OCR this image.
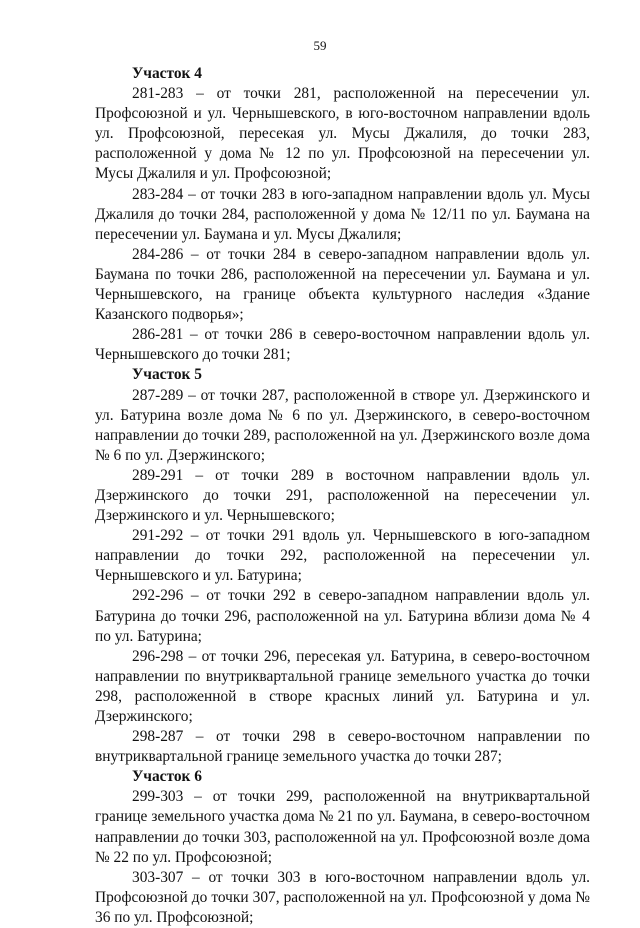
59

Участок 4

281-283 – от точки 281, расположенной на пересечении ул. Профсоюзной и ул. Чернышевского, в юго-восточном направлении вдоль ул. Профсоюзной, пересекая ул. Мусы Джалиля, до точки 283, расположенной у дома № 12 по ул. Профсоюзной на пересечении ул. Мусы Джалиля и ул. Профсоюзной;

283-284 – от точки 283 в юго-западном направлении вдоль ул. Мусы Джалиля до точки 284, расположенной у дома № 12/11 по ул. Баумана на пересечении ул. Баумана и ул. Мусы Джалиля;

284-286 – от точки 284 в северо-западном направлении вдоль ул. Баумана по точки 286, расположенной на пересечении ул. Баумана и ул. Чернышевского, на границе объекта культурного наследия «Здание Казанского подворья»;

286-281 – от точки 286 в северо-восточном направлении вдоль ул. Чернышевского до точки 281;

Участок 5

287-289 – от точки 287, расположенной в створе ул. Дзержинского и ул. Батурина возле дома № 6 по ул. Дзержинского, в северо-восточном направлении до точки 289, расположенной на ул. Дзержинского возле дома № 6 по ул. Дзержинского;

289-291 – от точки 289 в восточном направлении вдоль ул. Дзержинского до точки 291, расположенной на пересечении ул. Дзержинского и ул. Чернышевского;

291-292 – от точки 291 вдоль ул. Чернышевского в юго-западном направлении до точки 292, расположенной на пересечении ул. Чернышевского и ул. Батурина;

292-296 – от точки 292 в северо-западном направлении вдоль ул. Батурина до точки 296, расположенной на ул. Батурина вблизи дома № 4 по ул. Батурина;

296-298 – от точки 296, пересекая ул. Батурина, в северо-восточном направлении по внутриквартальной границе земельного участка до точки 298, расположенной в створе красных линий ул. Батурина и ул. Дзержинского;

298-287 – от точки 298 в северо-восточном направлении по внутриквартальной границе земельного участка до точки 287;

Участок 6

299-303 – от точки 299, расположенной на внутриквартальной границе земельного участка дома № 21 по ул. Баумана, в северо-восточном направлении до точки 303, расположенной на ул. Профсоюзной возле дома № 22 по ул. Профсоюзной;

303-307 – от точки 303 в юго-восточном направлении вдоль ул. Профсоюзной до точки 307, расположенной на ул. Профсоюзной у дома № 36 по ул. Профсоюзной;
